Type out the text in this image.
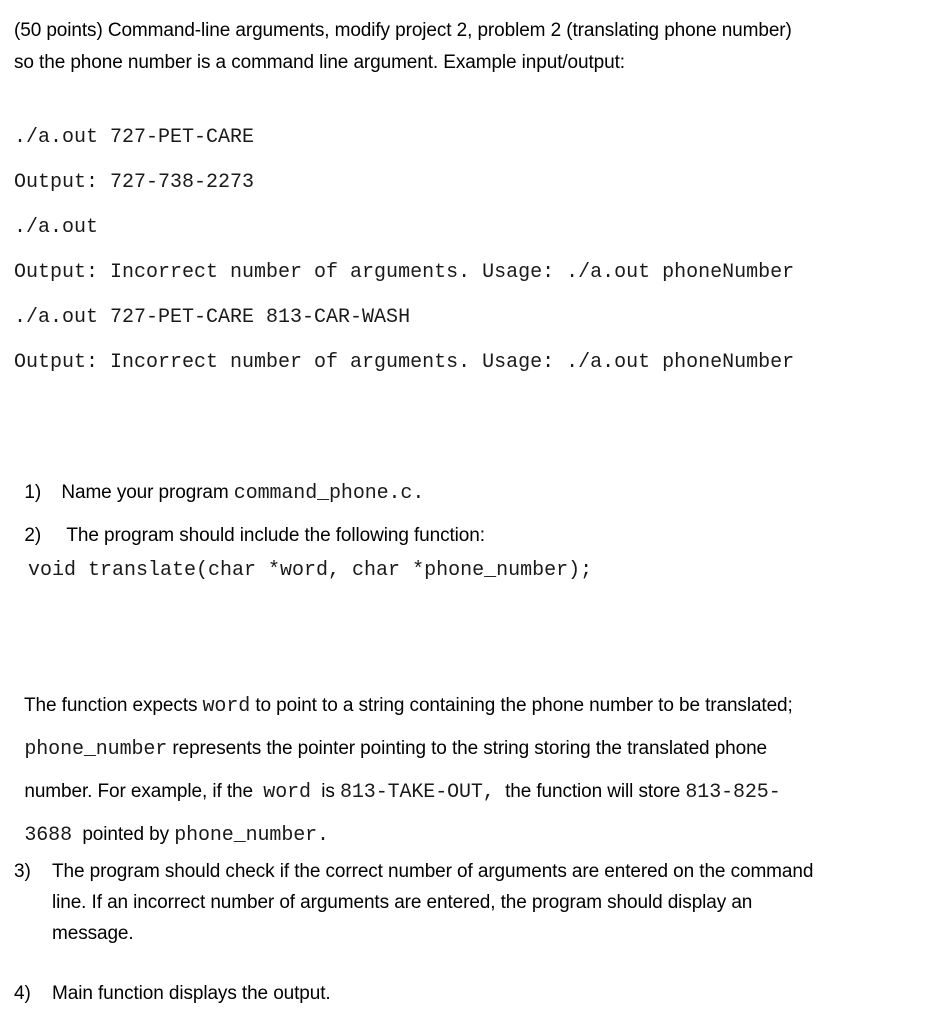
(50 points) Command-line arguments, modify project 2, problem 2 (translating phone number)
so the phone number is a command line argument. Example input/output:
./a.out 727-PET-CARE
Output: 727-738-2273
./a.out
Output: Incorrect number of arguments. Usage: ./a.out phoneNumber
./a.out 727-PET-CARE 813-CAR-WASH
Output: Incorrect number of arguments. Usage: ./a.out phoneNumber

1) Name your program command_phone.c.

2) The program should include the following function:

void translate(char *word, char *phone_number);

The function expects word to point to a string containing the phone number to be translated;

phone_number represents the pointer pointing to the string storing the translated phone

number. For example, if the word is 813-TAKE-OUT, the function will store 813-825-

3688 pointed by phone_number.

3) The program should check if the correct number of arguments are entered on the command
line. If an incorrect number of arguments are entered, the program should display an
message.
4) Main function displays the output.
